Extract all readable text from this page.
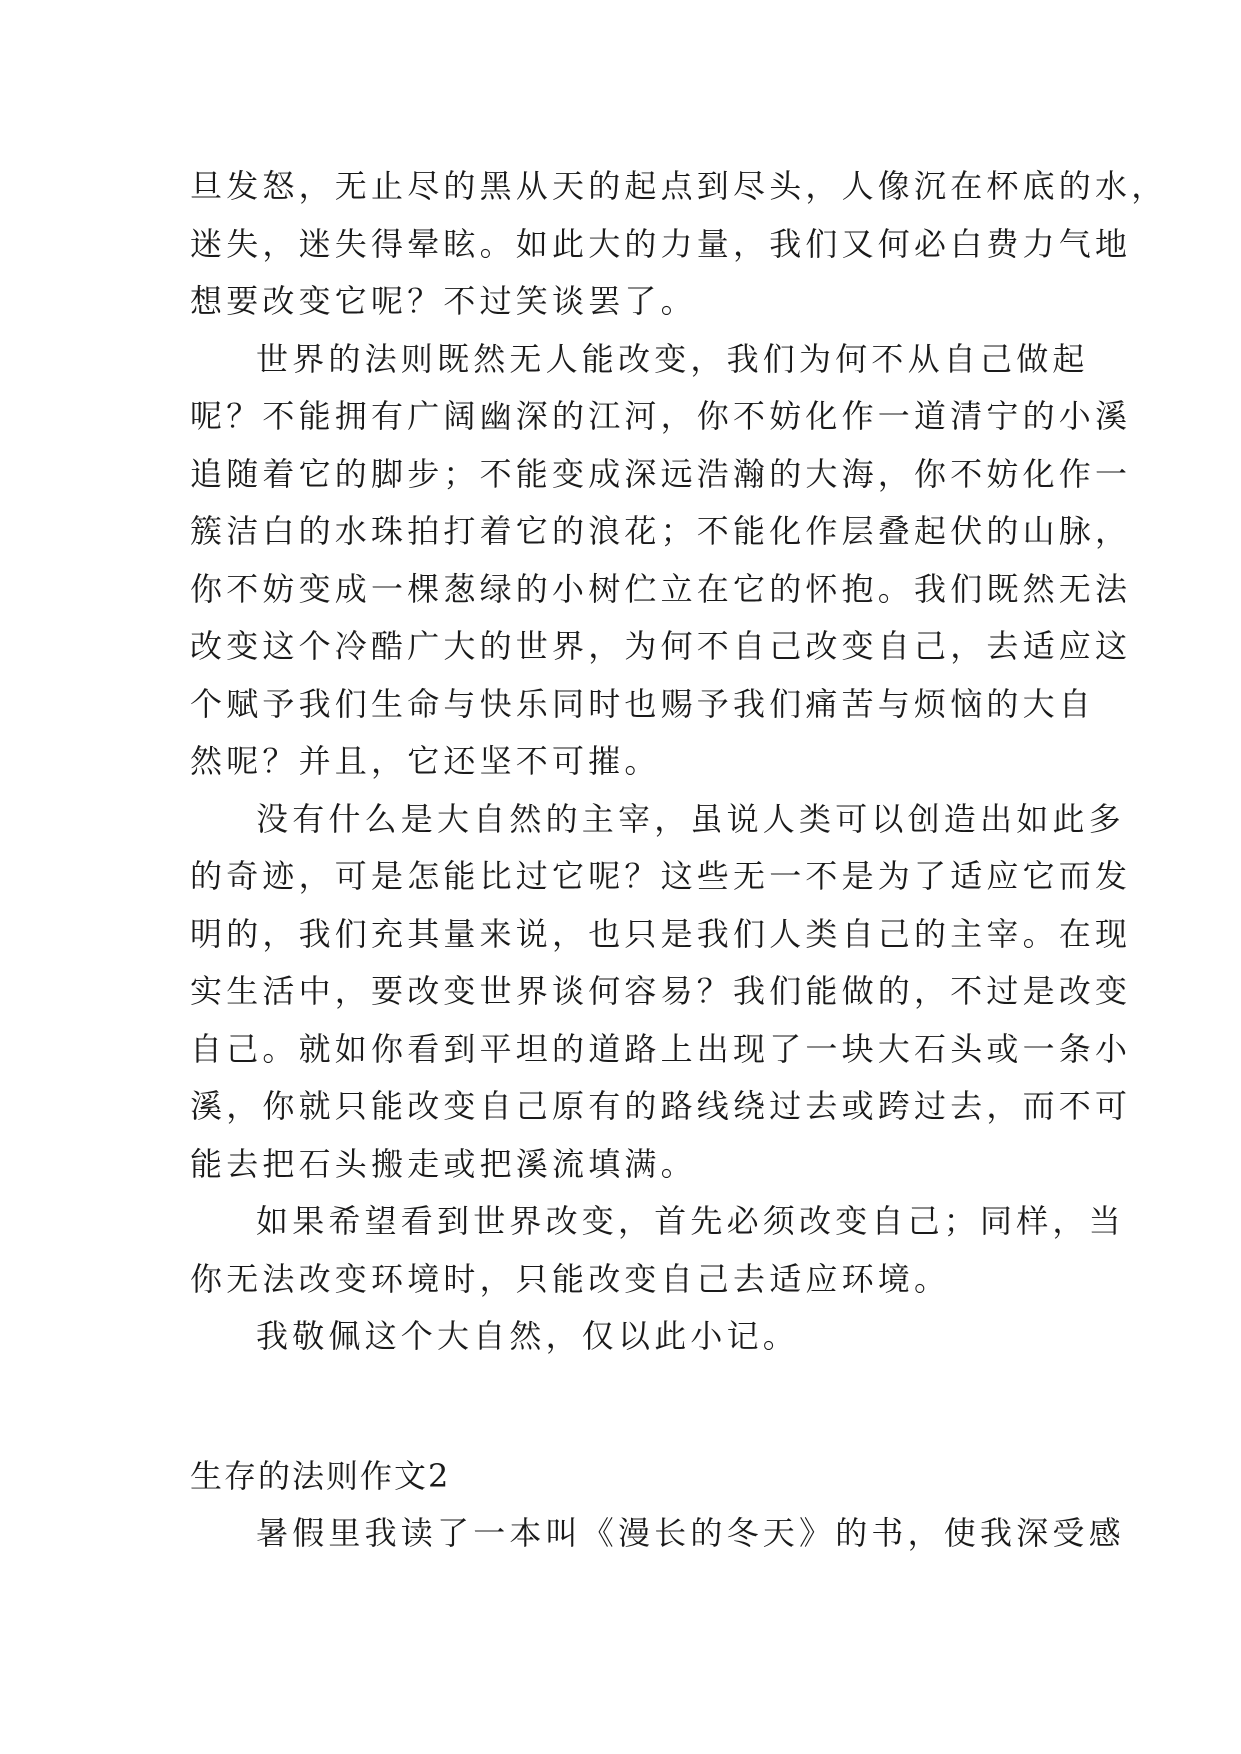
旦发怒，无止尽的黑从天的起点到尽头，人像沉在杯底的水，
迷失，迷失得晕眩。如此大的力量，我们又何必白费力气地
想要改变它呢？不过笑谈罢了。
世界的法则既然无人能改变，我们为何不从自己做起
呢？不能拥有广阔幽深的江河，你不妨化作一道清宁的小溪
追随着它的脚步；不能变成深远浩瀚的大海，你不妨化作一
簇洁白的水珠拍打着它的浪花；不能化作层叠起伏的山脉，
你不妨变成一棵葱绿的小树伫立在它的怀抱。我们既然无法
改变这个冷酷广大的世界，为何不自己改变自己，去适应这
个赋予我们生命与快乐同时也赐予我们痛苦与烦恼的大自
然呢？并且，它还坚不可摧。
没有什么是大自然的主宰，虽说人类可以创造出如此多
的奇迹，可是怎能比过它呢？这些无一不是为了适应它而发
明的，我们充其量来说，也只是我们人类自己的主宰。在现
实生活中，要改变世界谈何容易？我们能做的，不过是改变
自己。就如你看到平坦的道路上出现了一块大石头或一条小
溪，你就只能改变自己原有的路线绕过去或跨过去，而不可
能去把石头搬走或把溪流填满。
如果希望看到世界改变，首先必须改变自己；同样，当
你无法改变环境时，只能改变自己去适应环境。
我敬佩这个大自然，仅以此小记。
生存的法则作文2
暑假里我读了一本叫《漫长的冬天》的书，使我深受感
